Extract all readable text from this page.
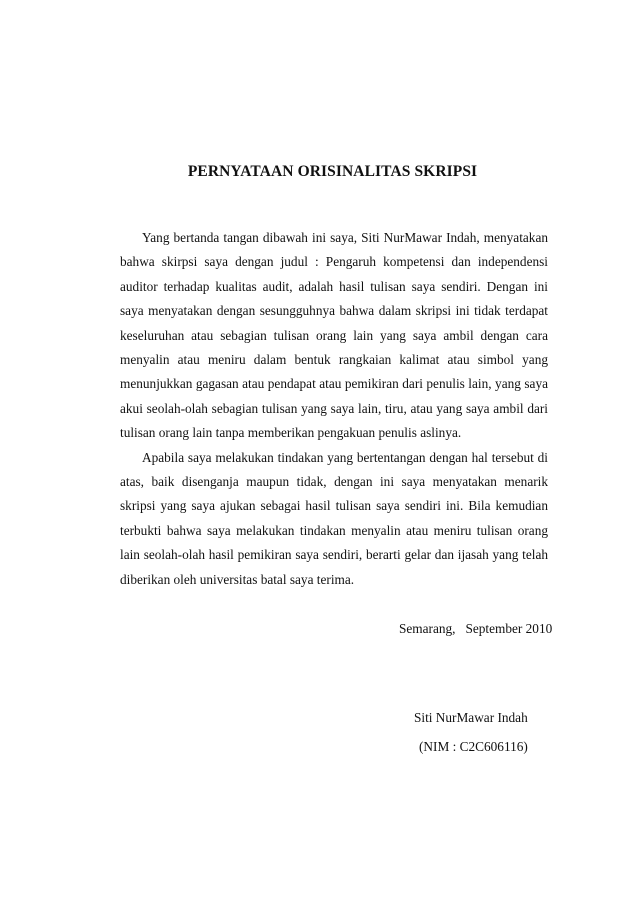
PERNYATAAN ORISINALITAS SKRIPSI

Yang bertanda tangan dibawah ini saya, Siti NurMawar Indah, menyatakan bahwa skirpsi saya dengan judul : Pengaruh kompetensi dan independensi auditor terhadap kualitas audit, adalah hasil tulisan saya sendiri. Dengan ini saya menyatakan dengan sesungguhnya bahwa dalam skripsi ini tidak terdapat keseluruhan atau sebagian tulisan orang lain yang saya ambil dengan cara menyalin atau meniru dalam bentuk rangkaian kalimat atau simbol yang menunjukkan gagasan atau pendapat atau pemikiran dari penulis lain, yang saya akui seolah-olah sebagian tulisan yang saya lain, tiru, atau yang saya ambil dari tulisan orang lain tanpa memberikan pengakuan penulis aslinya.

Apabila saya melakukan tindakan yang bertentangan dengan hal tersebut di atas, baik disenganja maupun tidak, dengan ini saya menyatakan menarik skripsi yang saya ajukan sebagai hasil tulisan saya sendiri ini. Bila kemudian terbukti bahwa saya melakukan tindakan menyalin atau meniru tulisan orang lain seolah-olah hasil pemikiran saya sendiri, berarti gelar dan ijasah yang telah diberikan oleh universitas batal saya terima.

Semarang,   September 2010

Siti NurMawar Indah

(NIM : C2C606116)
